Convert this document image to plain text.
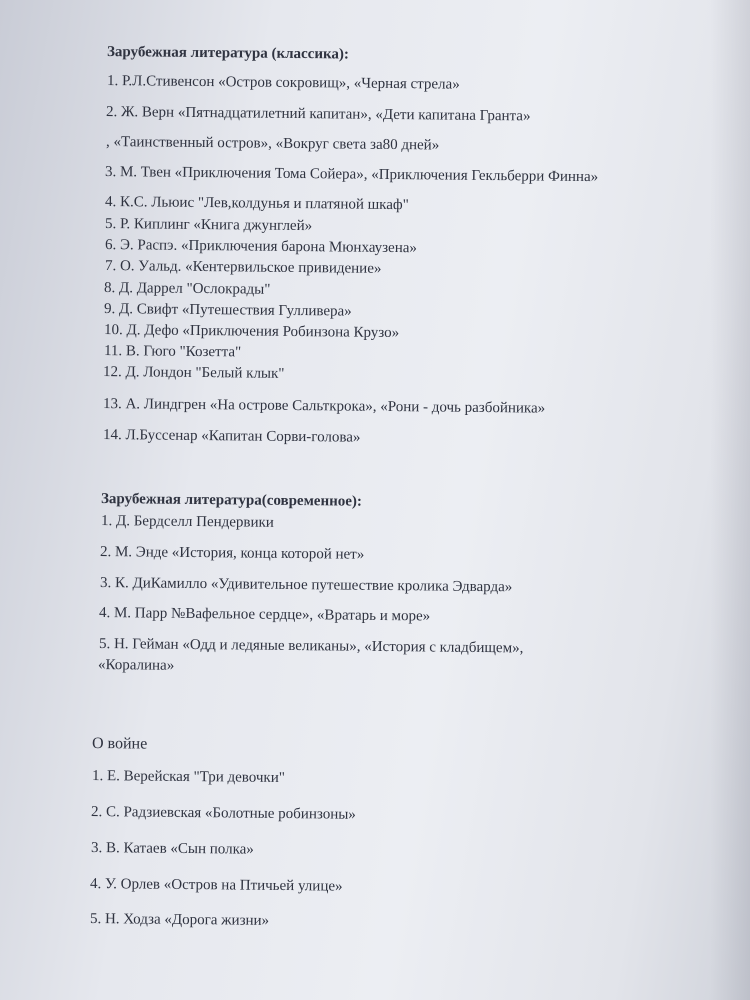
Зарубежная литература (классика):
1. Р.Л.Стивенсон «Остров сокровищ», «Черная стрела»
2. Ж. Верн «Пятнадцатилетний капитан», «Дети капитана Гранта»
, «Таинственный остров», «Вокруг света за80 дней»
3. М. Твен «Приключения Тома Сойера», «Приключения Гекльберри Финна»
4. К.С. Льюис "Лев,колдунья и платяной шкаф"
5. Р. Киплинг «Книга джунглей»
6. Э. Распэ. «Приключения барона Мюнхаузена»
7. О. Уальд. «Кентервильское привидение»
8. Д. Даррел "Ослокрады"
9. Д. Свифт «Путешествия Гулливера»
10. Д. Дефо «Приключения Робинзона Крузо»
11. В. Гюго "Козетта"
12. Д. Лондон "Белый клык"
13. А. Линдгрен «На острове Сальткрока», «Рони - дочь разбойника»
14. Л.Буссенар «Капитан Сорви-голова»
Зарубежная литература(современное):
1. Д. Бердселл Пендервики
2. М. Энде «История, конца которой нет»
3. К. ДиКамилло «Удивительное путешествие кролика Эдварда»
4. М. Парр №Вафельное сердце», «Вратарь и море»
5. Н. Гейман «Одд и ледяные великаны», «История с кладбищем»,
«Коралина»
О войне
1. Е. Верейская "Три девочки"
2. С. Радзиевская «Болотные робинзоны»
3. В. Катаев «Сын полка»
4. У. Орлев «Остров на Птичьей улице»
5. Н. Ходза «Дорога жизни»
